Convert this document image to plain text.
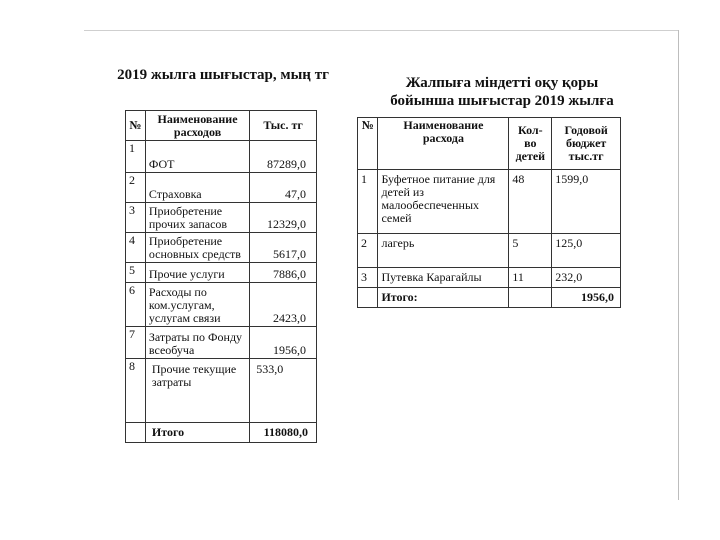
2019 жылга шығыстар, мың тг
№	Наименование расходов	Тыс. тг
1	ФОТ	87289,0
2	Страховка	47,0
3	Приобретение прочих запасов	12329,0
4	Приобретение основных средств	5617,0
5	Прочие услуги	7886,0
6	Расходы по ком.услугам, услугам связи	2423,0
7	Затраты по Фонду всеобуча	1956,0
8	Прочие текущие затраты	533,0
	Итого	118080,0
Жалпыға міндетті оқу қоры
бойынша шығыстар 2019 жылға
№	Наименование расхода	Кол-во детей	Годовой бюджет тыс.тг
1	Буфетное питание для детей из малообеспеченных семей	48	1599,0
2	лагерь	5	125,0
3	Путевка Карагайлы	11	232,0
	Итого:		1956,0
